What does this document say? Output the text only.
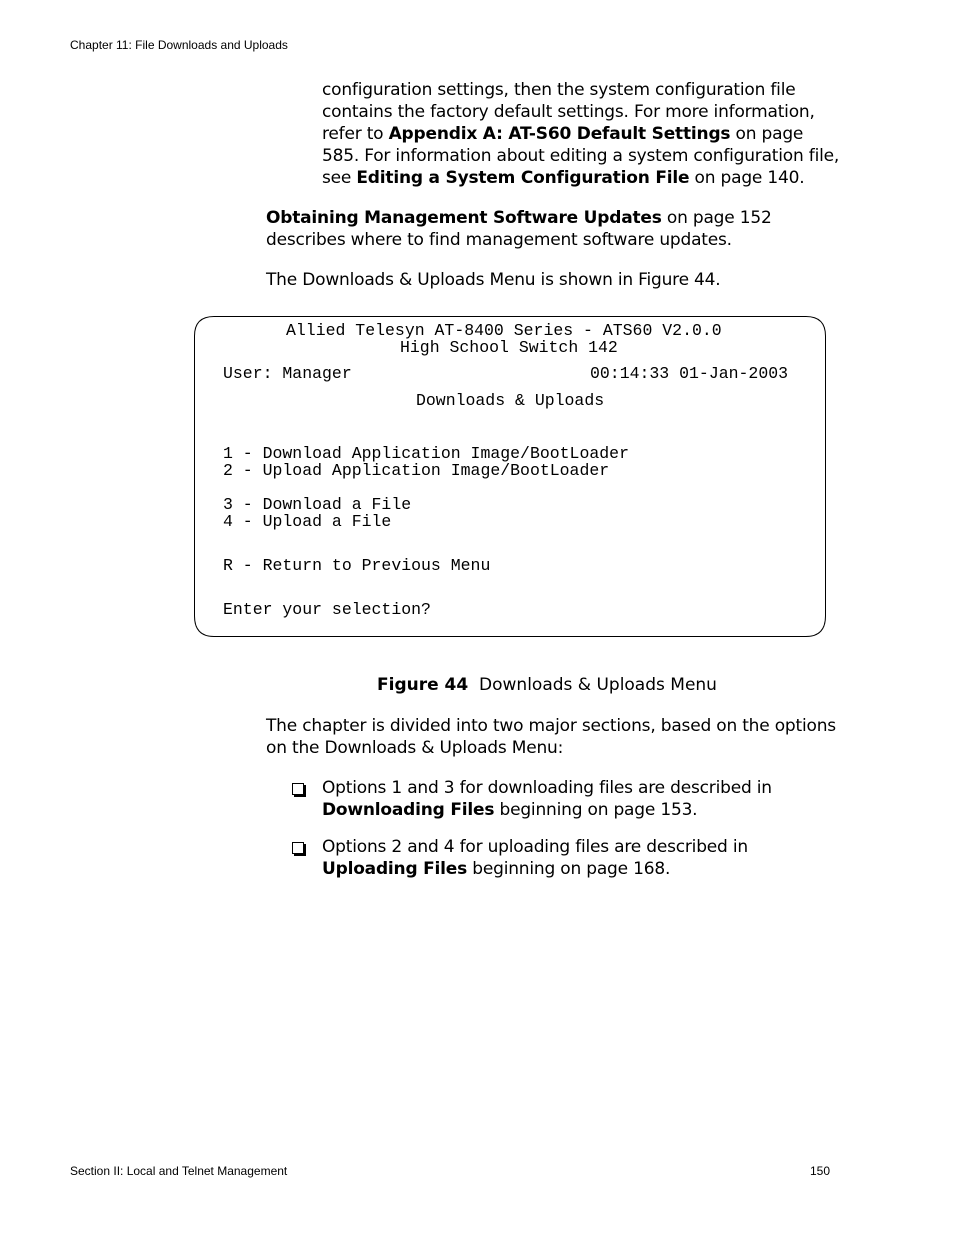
Chapter 11: File Downloads and Uploads
configuration settings, then the system configuration file contains the factory default settings. For more information, refer to Appendix A: AT-S60 Default Settings on page 585. For information about editing a system configuration file, see Editing a System Configuration File on page 140.
Obtaining Management Software Updates on page 152 describes where to find management software updates.
The Downloads & Uploads Menu is shown in Figure 44.
Allied Telesyn AT-8400 Series - ATS60 V2.0.0
High School Switch 142
User: Manager	00:14:33 01-Jan-2003
Downloads & Uploads
1 - Download Application Image/BootLoader
2 - Upload Application Image/BootLoader
3 - Download a File
4 - Upload a File
R - Return to Previous Menu
Enter your selection?
Figure 44 Downloads & Uploads Menu
The chapter is divided into two major sections, based on the options on the Downloads & Uploads Menu:
Options 1 and 3 for downloading files are described in Downloading Files beginning on page 153.
Options 2 and 4 for uploading files are described in Uploading Files beginning on page 168.
Section II: Local and Telnet Management	150
